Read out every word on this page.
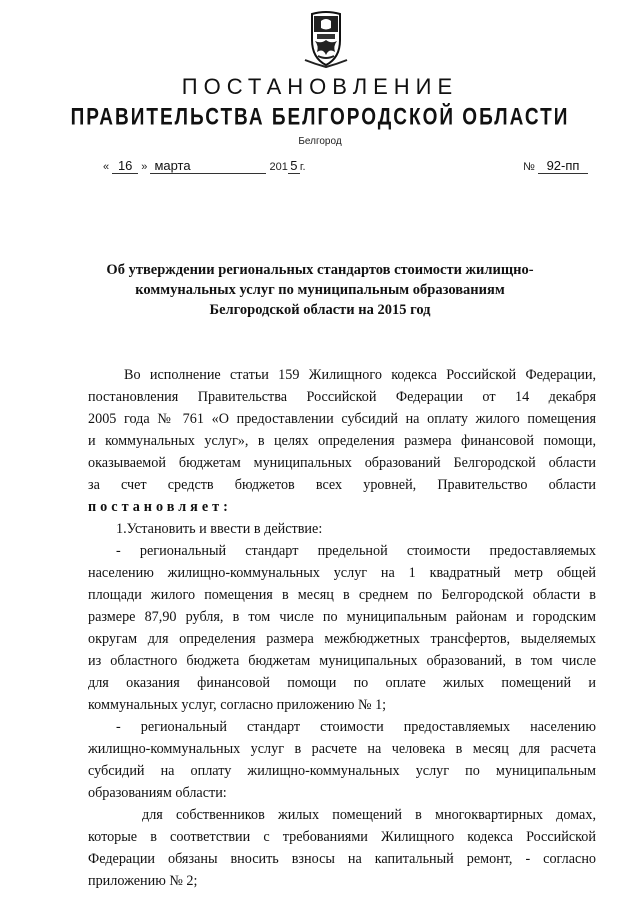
ПОСТАНОВЛЕНИЕ
ПРАВИТЕЛЬСТВА БЕЛГОРОДСКОЙ ОБЛАСТИ
Белгород
« 16 » марта	201 5 г.	№ 92-пп
Об утверждении региональных стандартов стоимости жилищно-
коммунальных услуг по муниципальным образованиям
Белгородской области на 2015 год

Во исполнение статьи 159 Жилищного кодекса Российской Федерации,

постановления Правительства Российской Федерации от 14 декабря

2005 года № 761 «О предоставлении субсидий на оплату жилого помещения

и коммунальных услуг», в целях определения размера финансовой помощи,

оказываемой бюджетам муниципальных образований Белгородской области

за счет средств бюджетов всех уровней, Правительство области

постановляет:

1.Установить и ввести в действие:

- региональный стандарт предельной стоимости предоставляемых

населению жилищно-коммунальных услуг на 1 квадратный метр общей

площади жилого помещения в месяц в среднем по Белгородской области в

размере 87,90 рубля, в том числе по муниципальным районам и городским

округам для определения размера межбюджетных трансфертов, выделяемых

из областного бюджета бюджетам муниципальных образований, в том числе

для оказания финансовой помощи по оплате жилых помещений и

коммунальных услуг, согласно приложению № 1;

- региональный стандарт стоимости предоставляемых населению

жилищно-коммунальных услуг в расчете на человека в месяц для расчета

субсидий на оплату жилищно-коммунальных услуг по муниципальным

образованиям области:

для собственников жилых помещений в многоквартирных домах,

которые в соответствии с требованиями Жилищного кодекса Российской

Федерации обязаны вносить взносы на капитальный ремонт, - согласно

приложению № 2;
